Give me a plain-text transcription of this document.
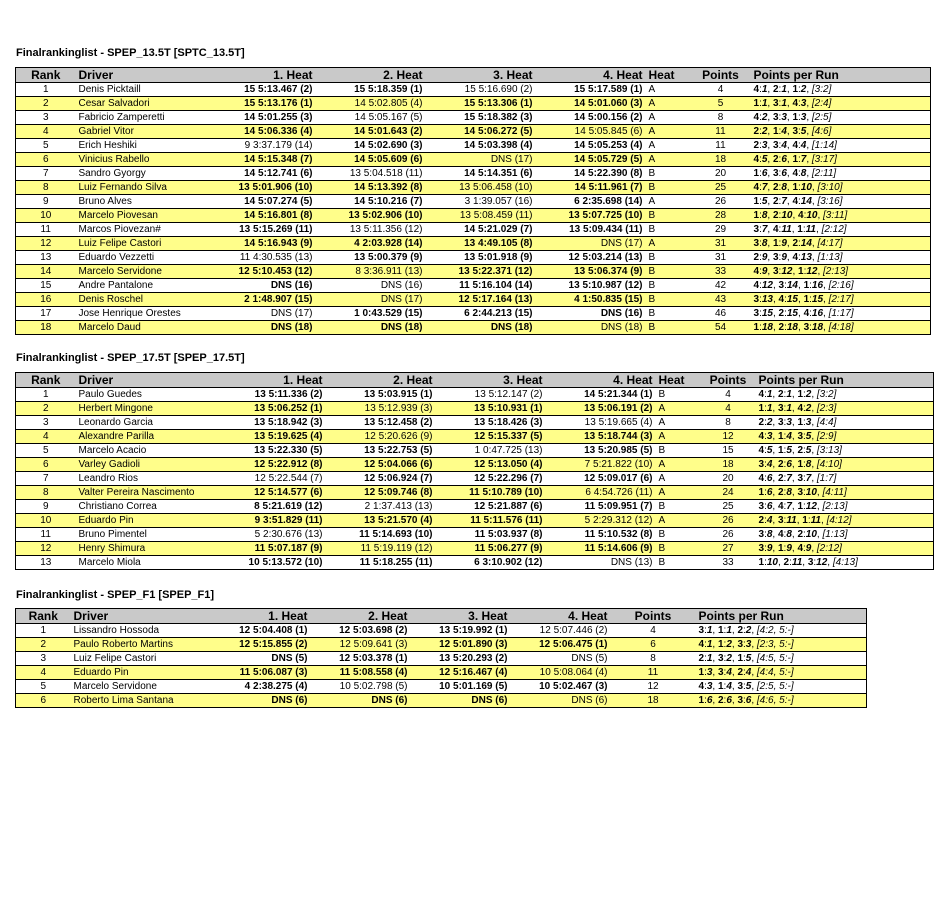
Finalrankinglist - SPEP_13.5T [SPTC_13.5T]
Rank	Driver	1. Heat	2. Heat	3. Heat	4. Heat	Heat	Points	Points per Run
1	Denis Picktaill	15 5:13.467 (2)	15 5:18.359 (1)	15 5:16.690 (2)	15 5:17.589 (1)	A	4	4:1, 2:1, 1:2, [3:2]
2	Cesar Salvadori	15 5:13.176 (1)	14 5:02.805 (4)	15 5:13.306 (1)	14 5:01.060 (3)	A	5	1:1, 3:1, 4:3, [2:4]
3	Fabricio Zamperetti	14 5:01.255 (3)	14 5:05.167 (5)	15 5:18.382 (3)	14 5:00.156 (2)	A	8	4:2, 3:3, 1:3, [2:5]
4	Gabriel Vitor	14 5:06.336 (4)	14 5:01.643 (2)	14 5:06.272 (5)	14 5:05.845 (6)	A	11	2:2, 1:4, 3:5, [4:6]
5	Erich Heshiki	9 3:37.179 (14)	14 5:02.690 (3)	14 5:03.398 (4)	14 5:05.253 (4)	A	11	2:3, 3:4, 4:4, [1:14]
6	Vinicius Rabello	14 5:15.348 (7)	14 5:05.609 (6)	DNS (17)	14 5:05.729 (5)	A	18	4:5, 2:6, 1:7, [3:17]
7	Sandro Gyorgy	14 5:12.741 (6)	13 5:04.518 (11)	14 5:14.351 (6)	14 5:22.390 (8)	B	20	1:6, 3:6, 4:8, [2:11]
8	Luiz Fernando Silva	13 5:01.906 (10)	14 5:13.392 (8)	13 5:06.458 (10)	14 5:11.961 (7)	B	25	4:7, 2:8, 1:10, [3:10]
9	Bruno Alves	14 5:07.274 (5)	14 5:10.216 (7)	3 1:39.057 (16)	6 2:35.698 (14)	A	26	1:5, 2:7, 4:14, [3:16]
10	Marcelo Piovesan	14 5:16.801 (8)	13 5:02.906 (10)	13 5:08.459 (11)	13 5:07.725 (10)	B	28	1:8, 2:10, 4:10, [3:11]
11	Marcos Piovezan#	13 5:15.269 (11)	13 5:11.356 (12)	14 5:21.029 (7)	13 5:09.434 (11)	B	29	3:7, 4:11, 1:11, [2:12]
12	Luiz Felipe Castori	14 5:16.943 (9)	4 2:03.928 (14)	13 4:49.105 (8)	DNS (17)	A	31	3:8, 1:9, 2:14, [4:17]
13	Eduardo Vezzetti	11 4:30.535 (13)	13 5:00.379 (9)	13 5:01.918 (9)	12 5:03.214 (13)	B	31	2:9, 3:9, 4:13, [1:13]
14	Marcelo Servidone	12 5:10.453 (12)	8 3:36.911 (13)	13 5:22.371 (12)	13 5:06.374 (9)	B	33	4:9, 3:12, 1:12, [2:13]
15	Andre Pantalone	DNS (16)	DNS (16)	11 5:16.104 (14)	13 5:10.987 (12)	B	42	4:12, 3:14, 1:16, [2:16]
16	Denis Roschel	2 1:48.907 (15)	DNS (17)	12 5:17.164 (13)	4 1:50.835 (15)	B	43	3:13, 4:15, 1:15, [2:17]
17	Jose Henrique Orestes	DNS (17)	1 0:43.529 (15)	6 2:44.213 (15)	DNS (16)	B	46	3:15, 2:15, 4:16, [1:17]
18	Marcelo Daud	DNS (18)	DNS (18)	DNS (18)	DNS (18)	B	54	1:18, 2:18, 3:18, [4:18]
Finalrankinglist - SPEP_17.5T [SPEP_17.5T]
Rank	Driver	1. Heat	2. Heat	3. Heat	4. Heat	Heat	Points	Points per Run
1	Paulo Guedes	13 5:11.336 (2)	13 5:03.915 (1)	13 5:12.147 (2)	14 5:21.344 (1)	B	4	4:1, 2:1, 1:2, [3:2]
2	Herbert Mingone	13 5:06.252 (1)	13 5:12.939 (3)	13 5:10.931 (1)	13 5:06.191 (2)	A	4	1:1, 3:1, 4:2, [2:3]
3	Leonardo Garcia	13 5:18.942 (3)	13 5:12.458 (2)	13 5:18.426 (3)	13 5:19.665 (4)	A	8	2:2, 3:3, 1:3, [4:4]
4	Alexandre Parilla	13 5:19.625 (4)	12 5:20.626 (9)	12 5:15.337 (5)	13 5:18.744 (3)	A	12	4:3, 1:4, 3:5, [2:9]
5	Marcelo Acacio	13 5:22.330 (5)	13 5:22.753 (5)	1 0:47.725 (13)	13 5:20.985 (5)	B	15	4:5, 1:5, 2:5, [3:13]
6	Varley Gadioli	12 5:22.912 (8)	12 5:04.066 (6)	12 5:13.050 (4)	7 5:21.822 (10)	A	18	3:4, 2:6, 1:8, [4:10]
7	Leandro Rios	12 5:22.544 (7)	12 5:06.924 (7)	12 5:22.296 (7)	12 5:09.017 (6)	A	20	4:6, 2:7, 3:7, [1:7]
8	Valter Pereira Nascimento	12 5:14.577 (6)	12 5:09.746 (8)	11 5:10.789 (10)	6 4:54.726 (11)	A	24	1:6, 2:8, 3:10, [4:11]
9	Christiano Correa	8 5:21.619 (12)	2 1:37.413 (13)	12 5:21.887 (6)	11 5:09.951 (7)	B	25	3:6, 4:7, 1:12, [2:13]
10	Eduardo Pin	9 3:51.829 (11)	13 5:21.570 (4)	11 5:11.576 (11)	5 2:29.312 (12)	A	26	2:4, 3:11, 1:11, [4:12]
11	Bruno Pimentel	5 2:30.676 (13)	11 5:14.693 (10)	11 5:03.937 (8)	11 5:10.532 (8)	B	26	3:8, 4:8, 2:10, [1:13]
12	Henry Shimura	11 5:07.187 (9)	11 5:19.119 (12)	11 5:06.277 (9)	11 5:14.606 (9)	B	27	3:9, 1:9, 4:9, [2:12]
13	Marcelo Miola	10 5:13.572 (10)	11 5:18.255 (11)	6 3:10.902 (12)	DNS (13)	B	33	1:10, 2:11, 3:12, [4:13]
Finalrankinglist - SPEP_F1 [SPEP_F1]
Rank	Driver	1. Heat	2. Heat	3. Heat	4. Heat	Points	Points per Run
1	Lissandro Hossoda	12 5:04.408 (1)	12 5:03.698 (2)	13 5:19.992 (1)	12 5:07.446 (2)	4	3:1, 1:1, 2:2, [4:2, 5:-]
2	Paulo Roberto Martins	12 5:15.855 (2)	12 5:09.641 (3)	12 5:01.890 (3)	12 5:06.475 (1)	6	4:1, 1:2, 3:3, [2:3, 5:-]
3	Luiz Felipe Castori	DNS (5)	12 5:03.378 (1)	13 5:20.293 (2)	DNS (5)	8	2:1, 3:2, 1:5, [4:5, 5:-]
4	Eduardo Pin	11 5:06.087 (3)	11 5:08.558 (4)	12 5:16.467 (4)	10 5:08.064 (4)	11	1:3, 3:4, 2:4, [4:4, 5:-]
5	Marcelo Servidone	4 2:38.275 (4)	10 5:02.798 (5)	10 5:01.169 (5)	10 5:02.467 (3)	12	4:3, 1:4, 3:5, [2:5, 5:-]
6	Roberto Lima Santana	DNS (6)	DNS (6)	DNS (6)	DNS (6)	18	1:6, 2:6, 3:6, [4:6, 5:-]
